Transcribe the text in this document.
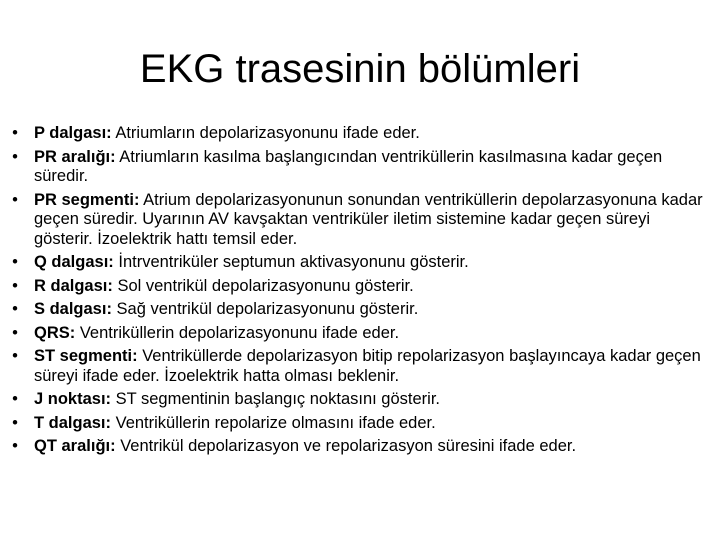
EKG trasesinin bölümleri
• P dalgası: Atriumların depolarizasyonunu ifade eder.
• PR aralığı: Atriumların kasılma başlangıcından ventriküllerin kasılmasına kadar geçen süredir.
• PR segmenti: Atrium depolarizasyonunun sonundan ventriküllerin depolarzasyonuna kadar geçen süredir. Uyarının AV kavşaktan ventriküler iletim sistemine kadar geçen süreyi gösterir. İzoelektrik hattı temsil eder.
• Q dalgası: İntrventriküler septumun aktivasyonunu gösterir.
• R dalgası: Sol ventrikül depolarizasyonunu gösterir.
• S dalgası: Sağ ventrikül depolarizasyonunu gösterir.
• QRS: Ventriküllerin depolarizasyonunu ifade eder.
• ST segmenti: Ventriküllerde depolarizasyon bitip repolarizasyon başlayıncaya kadar geçen süreyi ifade eder. İzoelektrik hatta olması beklenir.
• J noktası: ST segmentinin başlangıç noktasını gösterir.
• T dalgası: Ventriküllerin repolarize olmasını ifade eder.
• QT aralığı: Ventrikül depolarizasyon ve repolarizasyon süresini ifade eder.
